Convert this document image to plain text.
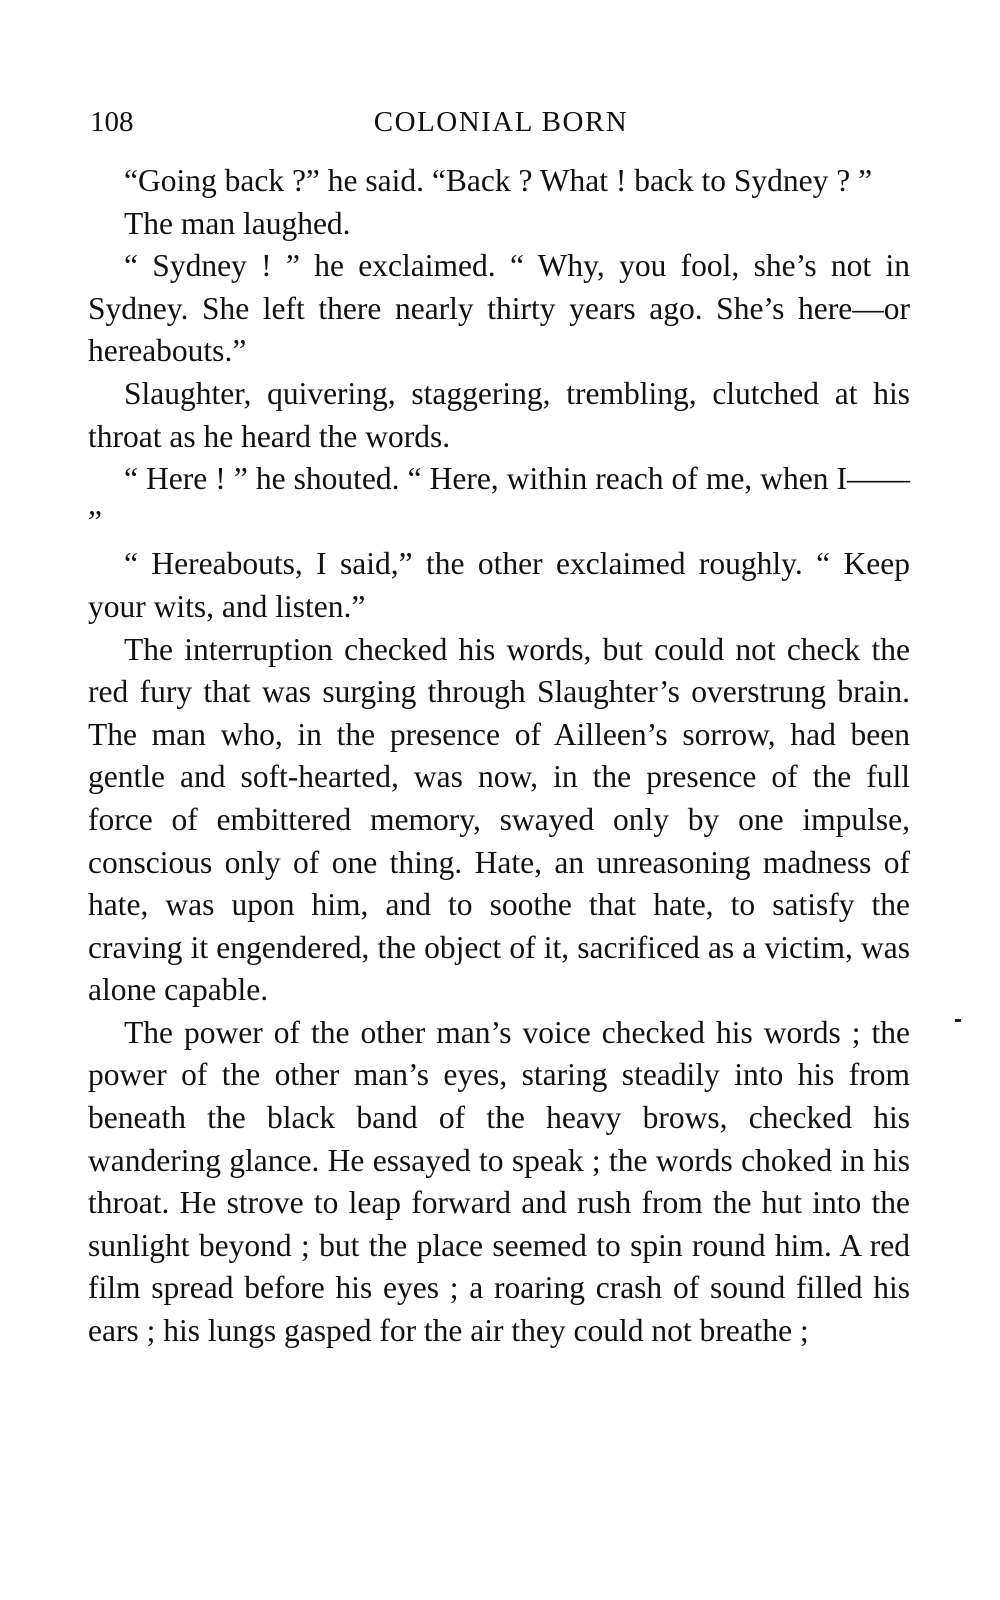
108	COLONIAL BORN

“Going back ?” he said. “Back ? What ! back to Sydney ? ”

The man laughed.

“ Sydney ! ” he exclaimed. “ Why, you fool, she’s not in Sydney. She left there nearly thirty years ago. She’s here—or hereabouts.”

Slaughter, quivering, staggering, trembling, clutched at his throat as he heard the words.

“ Here ! ” he shouted. “ Here, within reach of me, when I—— ”

“ Hereabouts, I said,” the other exclaimed roughly. “ Keep your wits, and listen.”

The interruption checked his words, but could not check the red fury that was surging through Slaughter’s overstrung brain. The man who, in the presence of Ailleen’s sorrow, had been gentle and soft-hearted, was now, in the presence of the full force of embittered memory, swayed only by one impulse, conscious only of one thing. Hate, an unreasoning madness of hate, was upon him, and to soothe that hate, to satisfy the craving it engendered, the object of it, sacrificed as a victim, was alone capable.

The power of the other man’s voice checked his words ; the power of the other man’s eyes, staring steadily into his from beneath the black band of the heavy brows, checked his wandering glance. He essayed to speak ; the words choked in his throat. He strove to leap forward and rush from the hut into the sunlight beyond ; but the place seemed to spin round him. A red film spread before his eyes ; a roaring crash of sound filled his ears ; his lungs gasped for the air they could not breathe ;
